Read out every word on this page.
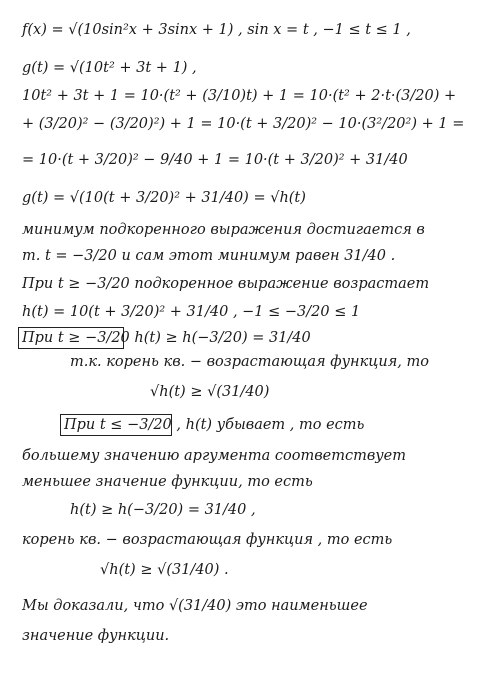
f(x) = √(10sin²x + 3sinx + 1) , sin x = t , −1 ≤ t ≤ 1 ,
g(t) = √(10t² + 3t + 1) ,
10t² + 3t + 1 = 10·(t² + (3/10)t) + 1 = 10·(t² + 2·t·(3/20) +
+ (3/20)² − (3/20)²) + 1 = 10·(t + 3/20)² − 10·(3²/20²) + 1 =
= 10·(t + 3/20)² − 9/40 + 1 = 10·(t + 3/20)² + 31/40
g(t) = √(10(t + 3/20)² + 31/40) = √h(t)
минимум подкоренного выражения достигается в
т. t = −3/20 и сам этот минимум равен 31/40 .
При t ≥ −3/20 подкоренное выражение возрастает
h(t) = 10(t + 3/20)² + 31/40 , −1 ≤ −3/20 ≤ 1
При t ≥ −3/20 h(t) ≥ h(−3/20) = 31/40
т.к. корень кв. − возрастающая функция, то
√h(t) ≥ √(31/40)
При t ≤ −3/20 , h(t) убывает , то есть
большему значению аргумента соответствует
меньшее значение функции, то есть
h(t) ≥ h(−3/20) = 31/40 ,
корень кв. − возрастающая функция , то есть
√h(t) ≥ √(31/40) .
Мы доказали, что √(31/40) это наименьшее
значение функции.
